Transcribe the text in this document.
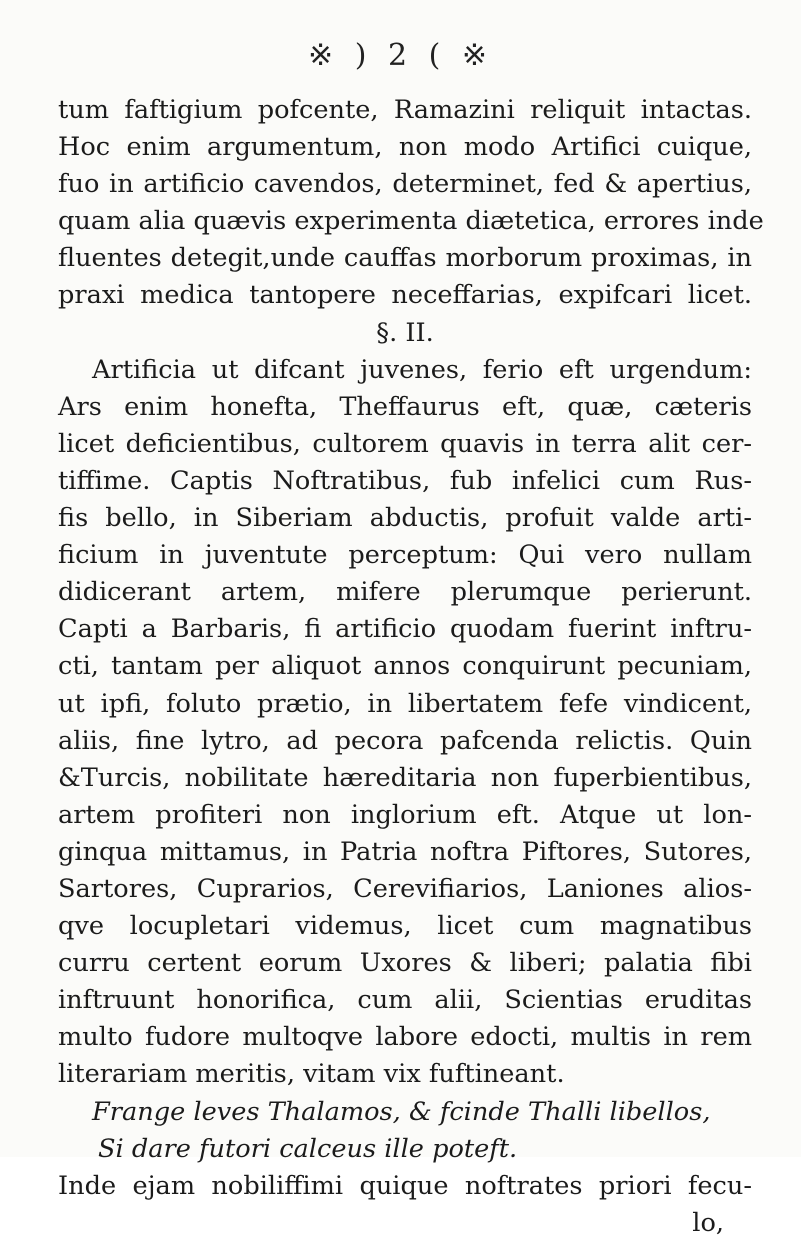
※ ) 2 ( ※
tum faftigium pofcente, Ramazini reliquit intactas.
Hoc enim argumentum, non modo Artifici cuique,
fuo in artificio cavendos, determinet, fed & apertius,
quam alia quævis experimenta diætetica, errores inde
fluentes detegit,unde cauffas morborum proximas, in
praxi medica tantopere neceffarias, expifcari licet.
§. II.
Artificia ut difcant juvenes, ferio eft urgendum:
Ars enim honefta, Theffaurus eft, quæ, cæteris
licet deficientibus, cultorem quavis in terra alit cer-
tiffime. Captis Noftratibus, fub infelici cum Rus-
fis bello, in Siberiam abductis, profuit valde arti-
ficium in juventute perceptum: Qui vero nullam
didicerant artem, mifere plerumque perierunt.
Capti a Barbaris, fi artificio quodam fuerint inftru-
cti, tantam per aliquot annos conquirunt pecuniam,
ut ipfi, foluto prætio, in libertatem fefe vindicent,
aliis, fine lytro, ad pecora pafcenda relictis. Quin
&Turcis, nobilitate hæreditaria non fuperbientibus,
artem profiteri non inglorium eft. Atque ut lon-
ginqua mittamus, in Patria noftra Piftores, Sutores,
Sartores, Cuprarios, Cerevifiarios, Laniones alios-
qve locupletari videmus, licet cum magnatibus
curru certent eorum Uxores & liberi; palatia fibi
inftruunt honorifica, cum alii, Scientias eruditas
multo fudore multoqve labore edocti, multis in rem
literariam meritis, vitam vix fuftineant.
Frange leves Thalamos, & fcinde Thalli libellos,
Si dare futori calceus ille poteft.
Inde ejam nobiliffimi quique noftrates priori fecu-
lo,
